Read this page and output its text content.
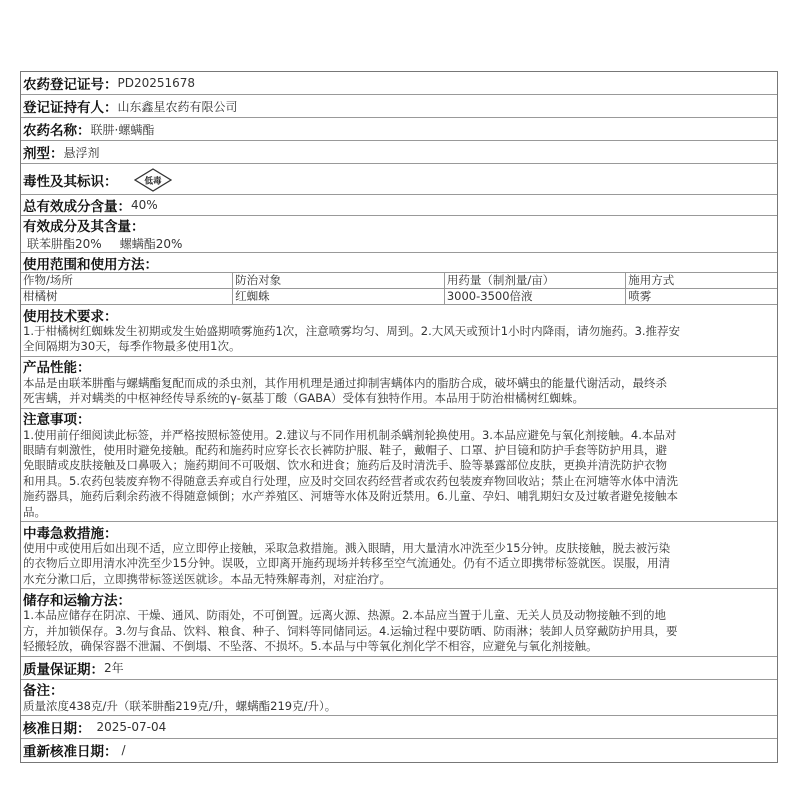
农药登记证号： PD20251678
登记证持有人： 山东鑫星农药有限公司
农药名称： 联肼·螺螨酯
剂型： 悬浮剂
毒性及其标识：	低毒
总有效成分含量： 40%
有效成分及其含量：
联苯肼酯20% 螺螨酯20%
使用范围和使用方法：
作物/场所	防治对象	用药量（制剂量/亩）	施用方式
柑橘树	红蜘蛛	3000-3500倍液	喷雾
使用技术要求：
1.于柑橘树红蜘蛛发生初期或发生始盛期喷雾施药1次，注意喷雾均匀、周到。2.大风天或预计1小时内降雨，请勿施药。3.推荐安
全间隔期为30天，每季作物最多使用1次。
产品性能：
本品是由联苯肼酯与螺螨酯复配而成的杀虫剂，其作用机理是通过抑制害螨体内的脂肪合成，破坏螨虫的能量代谢活动，最终杀
死害螨，并对螨类的中枢神经传导系统的γ-氨基丁酸（GABA）受体有独特作用。本品用于防治柑橘树红蜘蛛。
注意事项：
1.使用前仔细阅读此标签，并严格按照标签使用。2.建议与不同作用机制杀螨剂轮换使用。3.本品应避免与氧化剂接触。4.本品对
眼睛有刺激性，使用时避免接触。配药和施药时应穿长衣长裤防护服、鞋子，戴帽子、口罩、护目镜和防护手套等防护用具，避
免眼睛或皮肤接触及口鼻吸入；施药期间不可吸烟、饮水和进食；施药后及时清洗手、脸等暴露部位皮肤，更换并清洗防护衣物
和用具。5.农药包装废弃物不得随意丢弃或自行处理，应及时交回农药经营者或农药包装废弃物回收站；禁止在河塘等水体中清洗
施药器具，施药后剩余药液不得随意倾倒；水产养殖区、河塘等水体及附近禁用。6.儿童、孕妇、哺乳期妇女及过敏者避免接触本
品。
中毒急救措施：
使用中或使用后如出现不适，应立即停止接触，采取急救措施。溅入眼睛，用大量清水冲洗至少15分钟。皮肤接触，脱去被污染
的衣物后立即用清水冲洗至少15分钟。误吸，立即离开施药现场并转移至空气流通处。仍有不适立即携带标签就医。误服，用清
水充分漱口后，立即携带标签送医就诊。本品无特殊解毒剂，对症治疗。
储存和运输方法：
1.本品应储存在阴凉、干燥、通风、防雨处，不可倒置。远离火源、热源。2.本品应当置于儿童、无关人员及动物接触不到的地
方，并加锁保存。3.勿与食品、饮料、粮食、种子、饲料等同储同运。4.运输过程中要防晒、防雨淋；装卸人员穿戴防护用具，要
轻搬轻放，确保容器不泄漏、不倒塌、不坠落、不损坏。5.本品与中等氧化剂化学不相容，应避免与氧化剂接触。
质量保证期： 2年
备注：
质量浓度438克/升（联苯肼酯219克/升，螺螨酯219克/升）。
核准日期： 2025-07-04
重新核准日期： /
